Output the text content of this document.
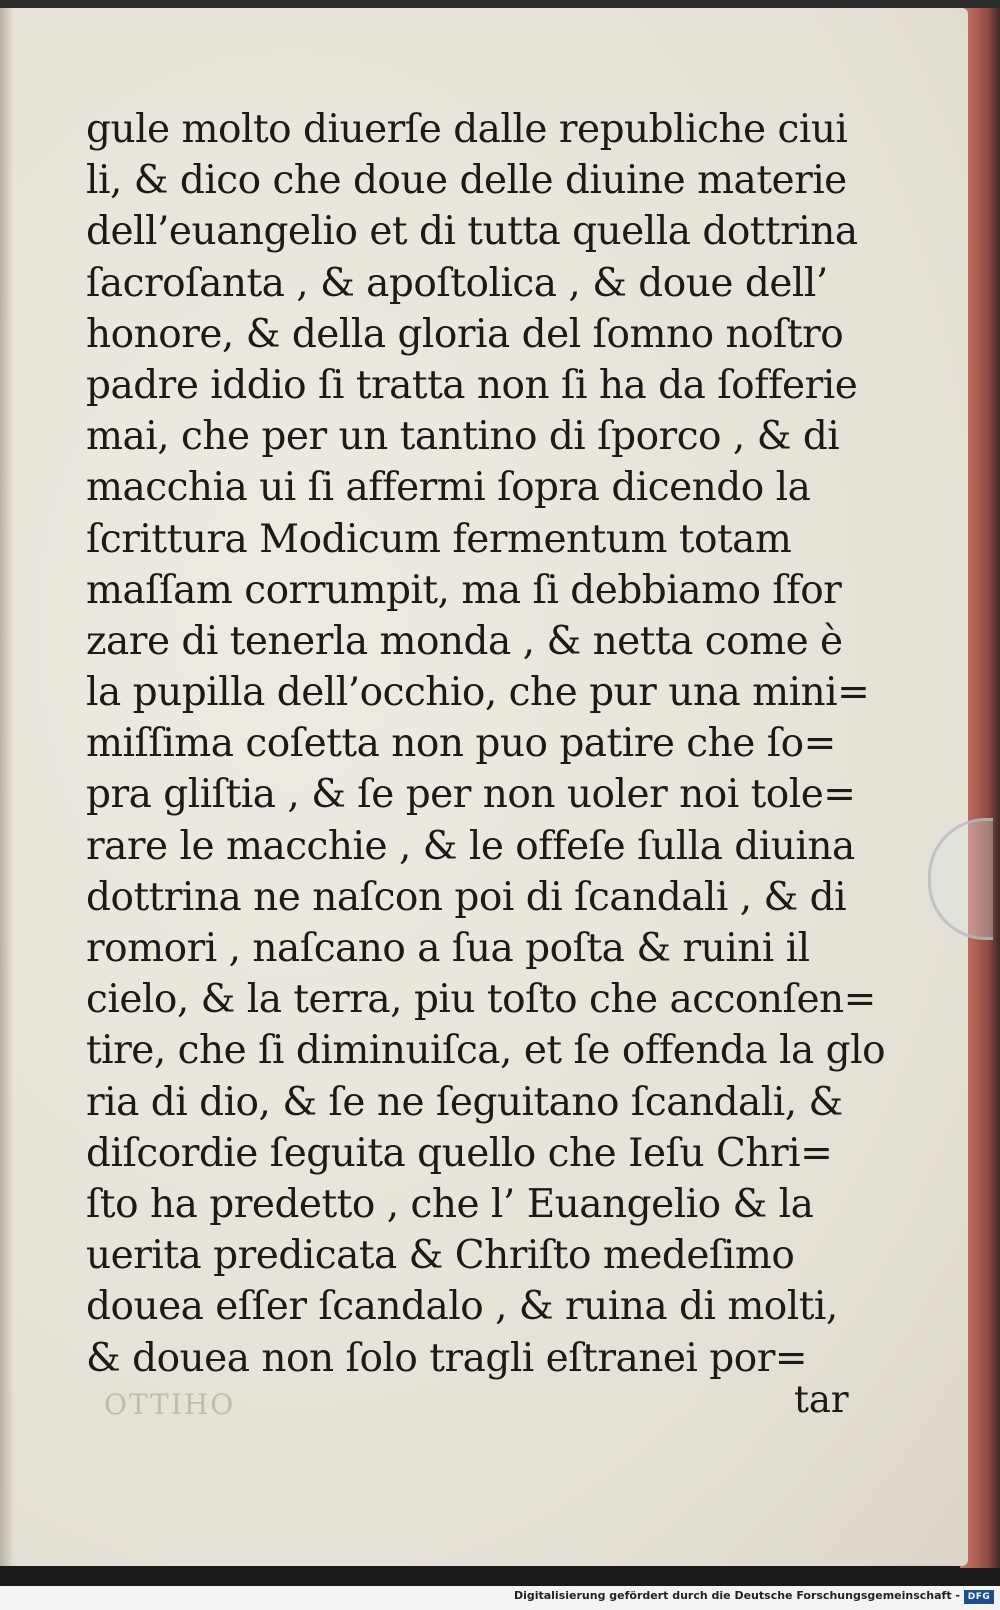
gule molto diuerſe dalle republiche ciui
li, & dico che doue delle diuine materie
dell’euangelio et di tutta quella dottrina
ſacroſanta , & apoſtolica , & doue dell’
honore, & della gloria del ſomno noſtro
padre iddio ſi tratta non ſi ha da ſofferie
mai, che per un tantino di ſporco , & di
macchia ui ſi affermi ſopra dicendo la
ſcrittura Modicum fermentum totam
maſſam corrumpit, ma ſi debbiamo ſfor
zare di tenerla monda , & netta come è
la pupilla dell’occhio, che pur una mini=
miſſima coſetta non puo patire che ſo=
pra gliſtia , & ſe per non uoler noi tole=
rare le macchie , & le offeſe ſulla diuina
dottrina ne naſcon poi di ſcandali , & di
romori , naſcano a ſua poſta & ruini il
cielo, & la terra, piu toſto che acconſen=
tire, che ſi diminuiſca, et ſe offenda la glo
ria di dio, & ſe ne ſeguitano ſcandali, &
diſcordie ſeguita quello che Ieſu Chri=
ſto ha predetto , che l’ Euangelio & la
uerita predicata & Chriſto medeſimo
douea eſſer ſcandalo , & ruina di molti,
& douea non ſolo tragli eſtranei por=
tar
OTTIHO
Digitalisierung gefördert durch die Deutsche Forschungsgemeinschaft - DFG
